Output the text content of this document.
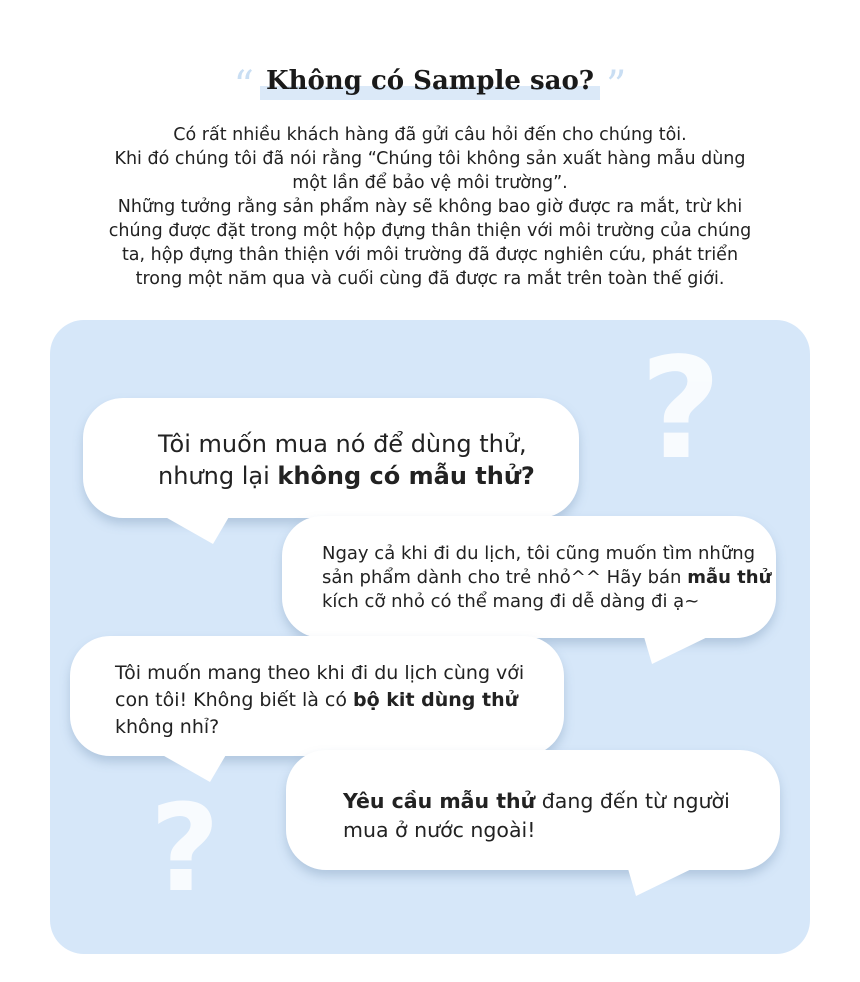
“ Không có Sample sao? ”

Có rất nhiều khách hàng đã gửi câu hỏi đến cho chúng tôi.

Khi đó chúng tôi đã nói rằng “Chúng tôi không sản xuất hàng mẫu dùng một lần để bảo vệ môi trường”.

Những tưởng rằng sản phẩm này sẽ không bao giờ được ra mắt, trừ khi chúng được đặt trong một hộp đựng thân thiện với môi trường của chúng ta, hộp đựng thân thiện với môi trường đã được nghiên cứu, phát triển trong một năm qua và cuối cùng đã được ra mắt trên toàn thế giới.

?
?
Tôi muốn mua nó để dùng thử,
nhưng lại không có mẫu thử?
Ngay cả khi đi du lịch, tôi cũng muốn tìm những
sản phẩm dành cho trẻ nhỏ^^ Hãy bán mẫu thử
kích cỡ nhỏ có thể mang đi dễ dàng đi ạ~
Tôi muốn mang theo khi đi du lịch cùng với
con tôi! Không biết là có bộ kit dùng thử
không nhỉ?
Yêu cầu mẫu thử đang đến từ người
mua ở nước ngoài!
